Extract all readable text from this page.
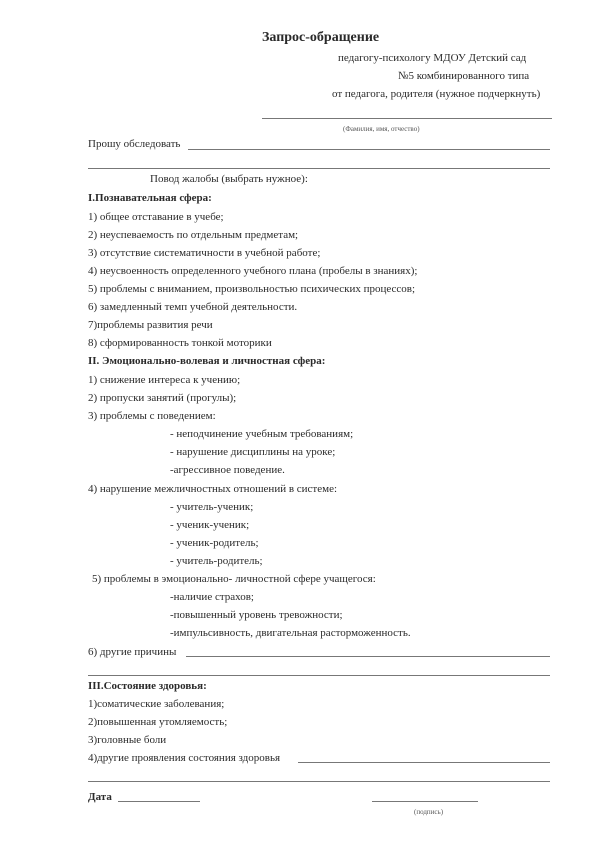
Запрос-обращение
педагогу-психологу МДОУ Детский сад
№5 комбинированного типа
от педагога, родителя (нужное подчеркнуть)
(Фамилия, имя, отчество)
Прошу обследовать
Повод жалобы (выбрать нужное):
I.Познавательная сфера:
1) общее отставание в учебе;
2) неуспеваемость по отдельным предметам;
3) отсутствие систематичности в учебной работе;
4) неусвоенность определенного учебного плана (пробелы в знаниях);
5) проблемы с вниманием, произвольностью психических процессов;
6) замедленный темп учебной деятельности.
7)проблемы развития речи
8) сформированность тонкой моторики
II. Эмоционально-волевая и личностная сфера:
1) снижение интереса к учению;
2) пропуски занятий (прогулы);
3) проблемы с поведением:
- неподчинение учебным требованиям;
- нарушение дисциплины на уроке;
-агрессивное поведение.
4) нарушение межличностных отношений в системе:
- учитель-ученик;
- ученик-ученик;
- ученик-родитель;
- учитель-родитель;
5) проблемы в эмоционально- личностной сфере учащегося:
-наличие страхов;
-повышенный уровень тревожности;
-импульсивность, двигательная расторможенность.
6) другие причины
III.Состояние здоровья:
1)соматические заболевания;
2)повышенная утомляемость;
3)головные боли
4)другие проявления состояния здоровья
Дата
(подпись)
